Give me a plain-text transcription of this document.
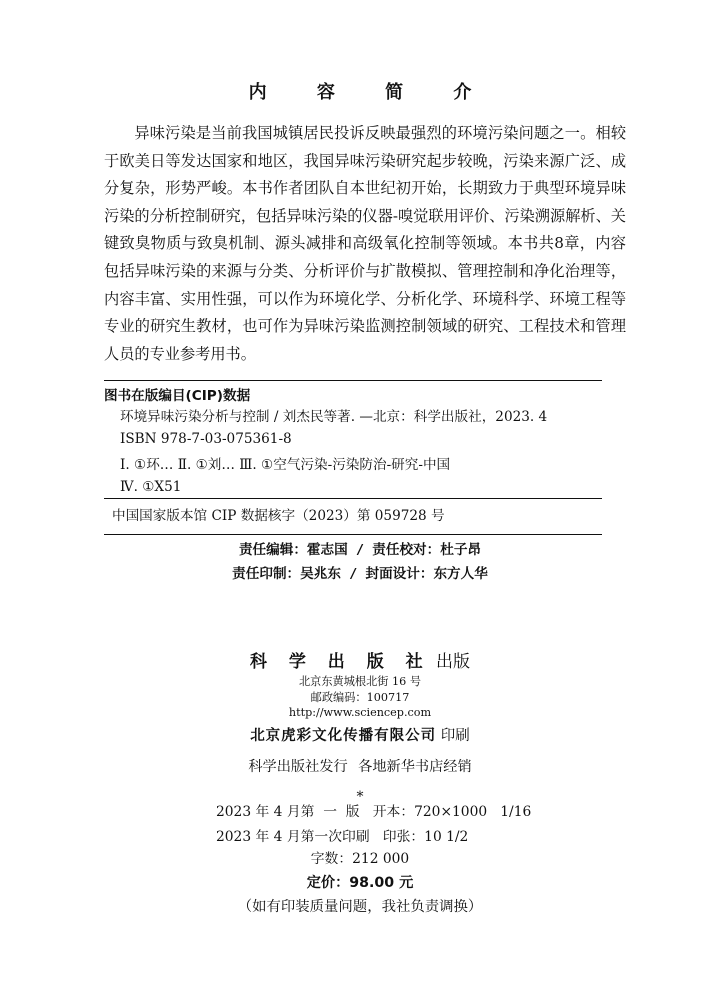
内 容 简 介

异味污染是当前我国城镇居民投诉反映最强烈的环境污染问题之一。相较于欧美日等发达国家和地区，我国异味污染研究起步较晚，污染来源广泛、成分复杂，形势严峻。本书作者团队自本世纪初开始，长期致力于典型环境异味污染的分析控制研究，包括异味污染的仪器-嗅觉联用评价、污染溯源解析、关键致臭物质与致臭机制、源头减排和高级氧化控制等领域。本书共8章，内容包括异味污染的来源与分类、分析评价与扩散模拟、管理控制和净化治理等，内容丰富、实用性强，可以作为环境化学、分析化学、环境科学、环境工程等专业的研究生教材，也可作为异味污染监测控制领域的研究、工程技术和管理人员的专业参考用书。

图书在版编目(CIP)数据
环境异味污染分析与控制 / 刘杰民等著. —北京：科学出版社，2023. 4
ISBN 978-7-03-075361-8
Ⅰ. ①环… Ⅱ. ①刘… Ⅲ. ①空气污染-污染防治-研究-中国
Ⅳ. ①X51
中国国家版本馆 CIP 数据核字（2023）第 059728 号
责任编辑：霍志国 / 责任校对：杜子昂
责任印制：吴兆东 / 封面设计：东方人华
科 学 出 版 社 出版
北京东黄城根北街 16 号
邮政编码：100717
http://www.sciencep.com
北京虎彩文化传播有限公司 印刷
科学出版社发行 各地新华书店经销
*
2023 年 4 月第  一  版   开本：720×1000   1/16
2023 年 4 月第一次印刷   印张：10 1/2
字数：212 000
定价：98.00 元
（如有印装质量问题，我社负责调换）
